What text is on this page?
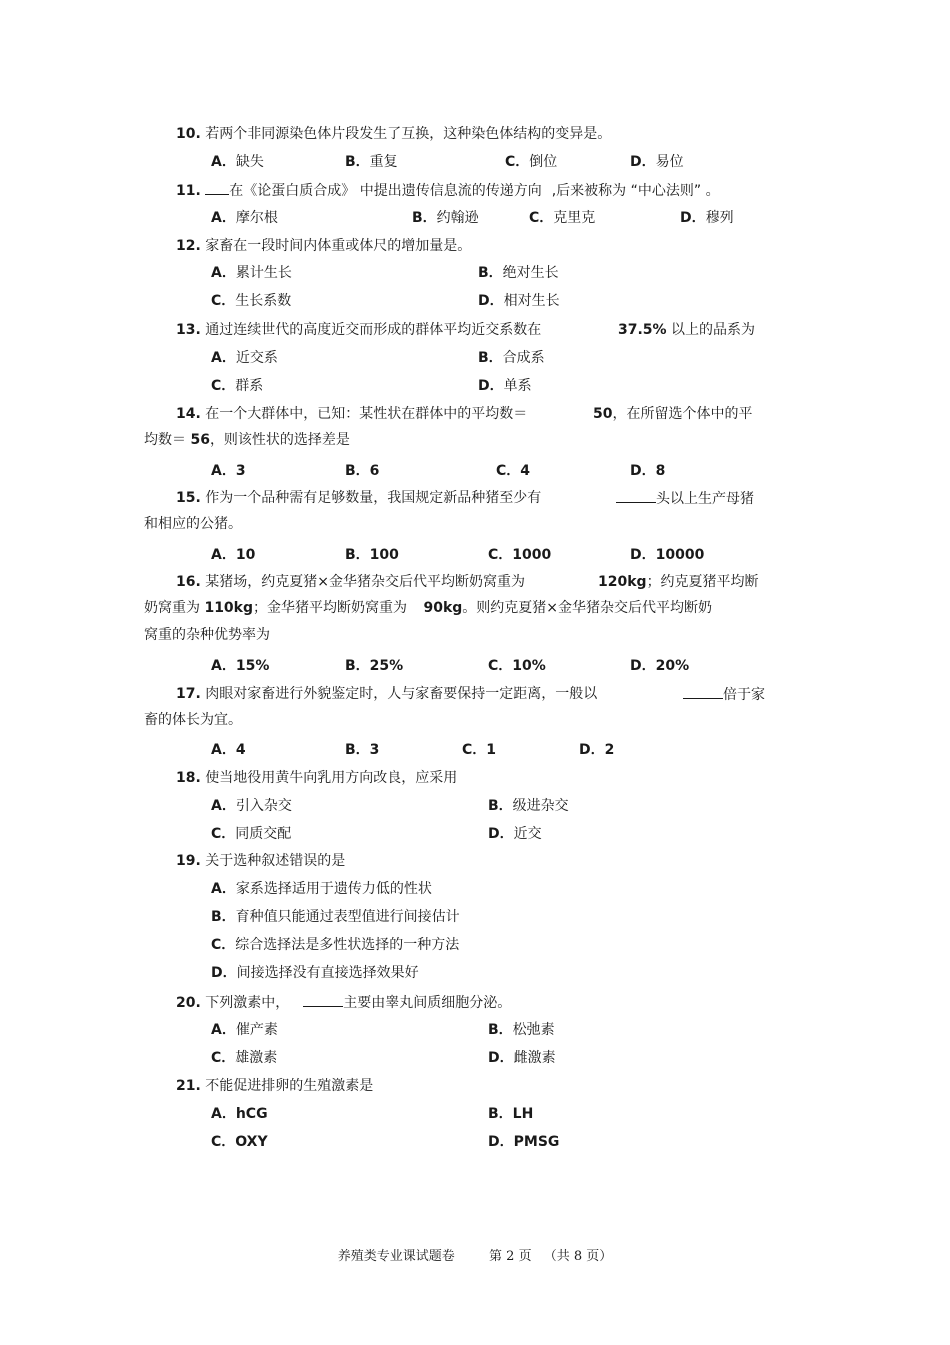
10. 若两个非同源染色体片段发生了互换，这种染色体结构的变异是。
A．缺失	B．重复	C．倒位	D．易位
11. 在《论蛋白质合成》 中提出遗传信息流的传递方向 ,后来被称为 “中心法则” 。
A．摩尔根	B．约翰逊	C．克里克	D．穆列
12. 家畜在一段时间内体重或体尺的增加量是。
A．累计生长	B．绝对生长
C．生长系数	D．相对生长
13. 通过连续世代的高度近交而形成的群体平均近交系数在	37.5% 以上的品系为
A．近交系	B．合成系
C．群系	D．单系
14. 在一个大群体中，已知：某性状在群体中的平均数＝	50，在所留选个体中的平
均数＝ 56，则该性状的选择差是
A．3	B．6	C．4	D．8
15. 作为一个品种需有足够数量，我国规定新品种猪至少有	头以上生产母猪
和相应的公猪。
A．10	B．100	C．1000	D．10000
16. 某猪场，约克夏猪×金华猪杂交后代平均断奶窝重为	120kg；约克夏猪平均断
奶窝重为 110kg；金华猪平均断奶窝重为 90kg。则约克夏猪×金华猪杂交后代平均断奶
窝重的杂种优势率为
A．15%	B．25%	C．10%	D．20%
17. 肉眼对家畜进行外貌鉴定时，人与家畜要保持一定距离，一般以	倍于家
畜的体长为宜。
A．4	B．3	C．1	D．2
18. 使当地役用黄牛向乳用方向改良，应采用
A．引入杂交	B．级进杂交
C．同质交配	D．近交
19. 关于选种叙述错误的是
A．家系选择适用于遗传力低的性状
B．育种值只能通过表型值进行间接估计
C．综合选择法是多性状选择的一种方法
D．间接选择没有直接选择效果好
20. 下列激素中，	主要由睾丸间质细胞分泌。
A．催产素	B．松弛素
C．雄激素	D．雌激素
21. 不能促进排卵的生殖激素是
A．hCG	B．LH
C．OXY	D．PMSG
养殖类专业课试题卷	第 2 页 （共 8 页）
